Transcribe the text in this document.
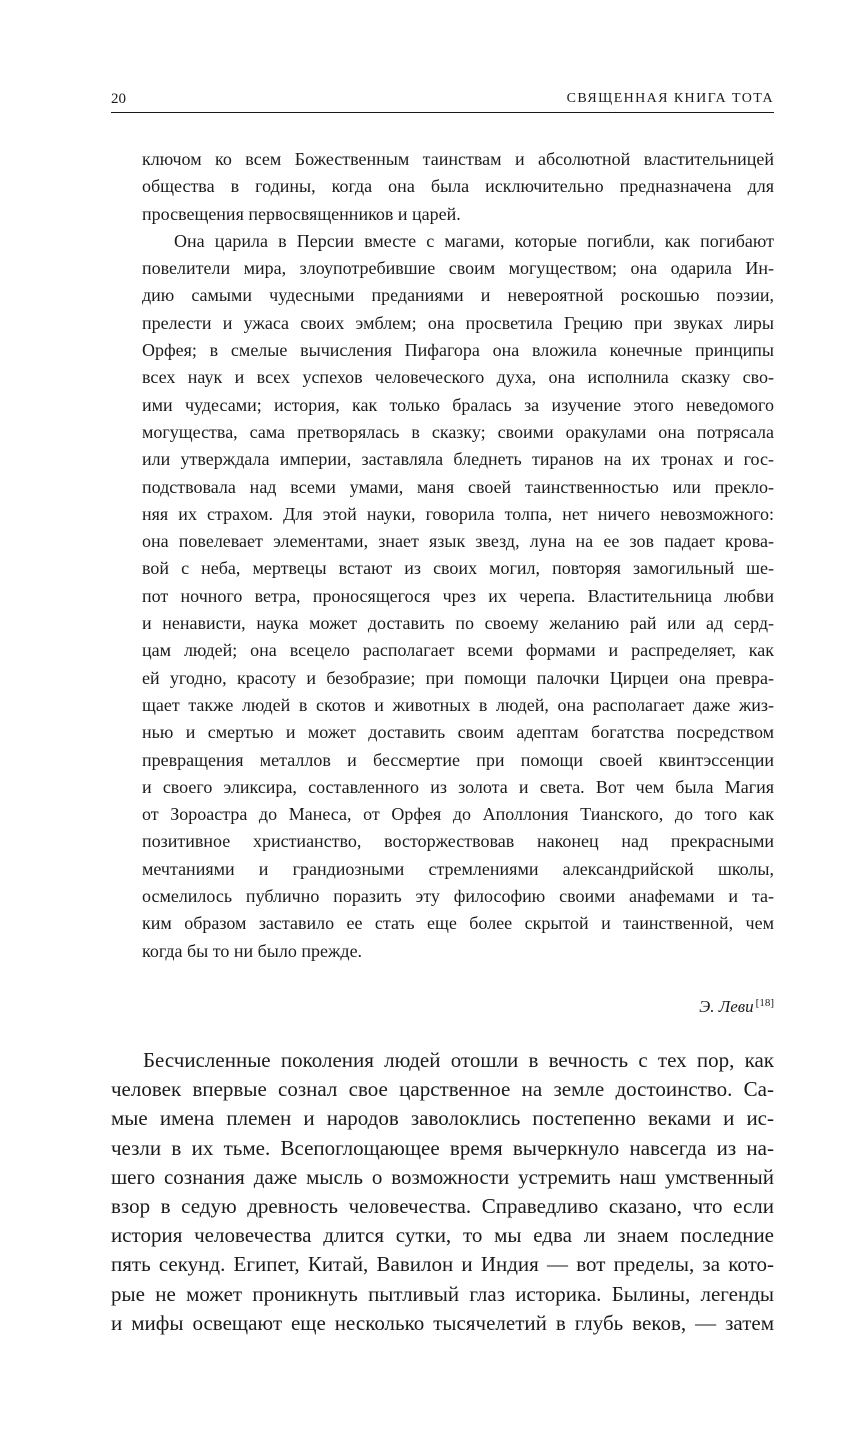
20	СВЯЩЕННАЯ КНИГА ТОТА
ключом ко всем Божественным таинствам и абсолютной властительницей
общества в годины, когда она была исключительно предназначена для
просвещения первосвященников и царей.
Она царила в Персии вместе с магами, которые погибли, как погибают
повелители мира, злоупотребившие своим могуществом; она одарила Ин-
дию самыми чудесными преданиями и невероятной роскошью поэзии,
прелести и ужаса своих эмблем; она просветила Грецию при звуках лиры
Орфея; в смелые вычисления Пифагора она вложила конечные принципы
всех наук и всех успехов человеческого духа, она исполнила сказку сво-
ими чудесами; история, как только бралась за изучение этого неведомого
могущества, сама претворялась в сказку; своими оракулами она потрясала
или утверждала империи, заставляла бледнеть тиранов на их тронах и гос-
подствовала над всеми умами, маня своей таинственностью или преклo-
няя их страхом. Для этой науки, говорила толпа, нет ничего невозможного:
она повелевает элементами, знает язык звезд, луна на ее зов падает крова-
вой с неба, мертвецы встают из своих могил, повторяя замогильный ше-
пот ночного ветра, проносящегося чрез их черепа. Властительница любви
и ненависти, наука может доставить по своему желанию рай или ад серд-
цам людей; она всецело располагает всеми формами и распределяет, как
ей угодно, красоту и безобразие; при помощи палочки Цирцеи она превра-
щает также людей в скотов и животных в людей, она располагает даже жиз-
нью и смертью и может доставить своим адептам богатства посредством
превращения металлов и бессмертие при помощи своей квинтэссенции
и своего эликсира, составленного из золота и света. Вот чем была Магия
от Зороастра до Манеса, от Орфея до Аполлония Тианского, до того как
позитивное христианство, восторжествовав наконец над прекрасными
мечтаниями и грандиозными стремлениями александрийской школы,
осмелилось публично поразить эту философию своими анафемами и та-
ким образом заставило ее стать еще более скрытой и таинственной, чем
когда бы то ни было прежде.
Э. Леви [18]
Бесчисленные поколения людей отошли в вечность с тех пор, как
человек впервые сознал свое царственное на земле достоинство. Са-
мые имена племен и народов заволоклись постепенно веками и ис-
чезли в их тьме. Всепоглощающее время вычеркнуло навсегда из на-
шего сознания даже мысль о возможности устремить наш умственный
взор в седую древность человечества. Справедливо сказано, что если
история человечества длится сутки, то мы едва ли знаем последние
пять секунд. Египет, Китай, Вавилон и Индия — вот пределы, за кото-
рые не может проникнуть пытливый глаз историка. Былины, легенды
и мифы освещают еще несколько тысячелетий в глубь веков, — затем
